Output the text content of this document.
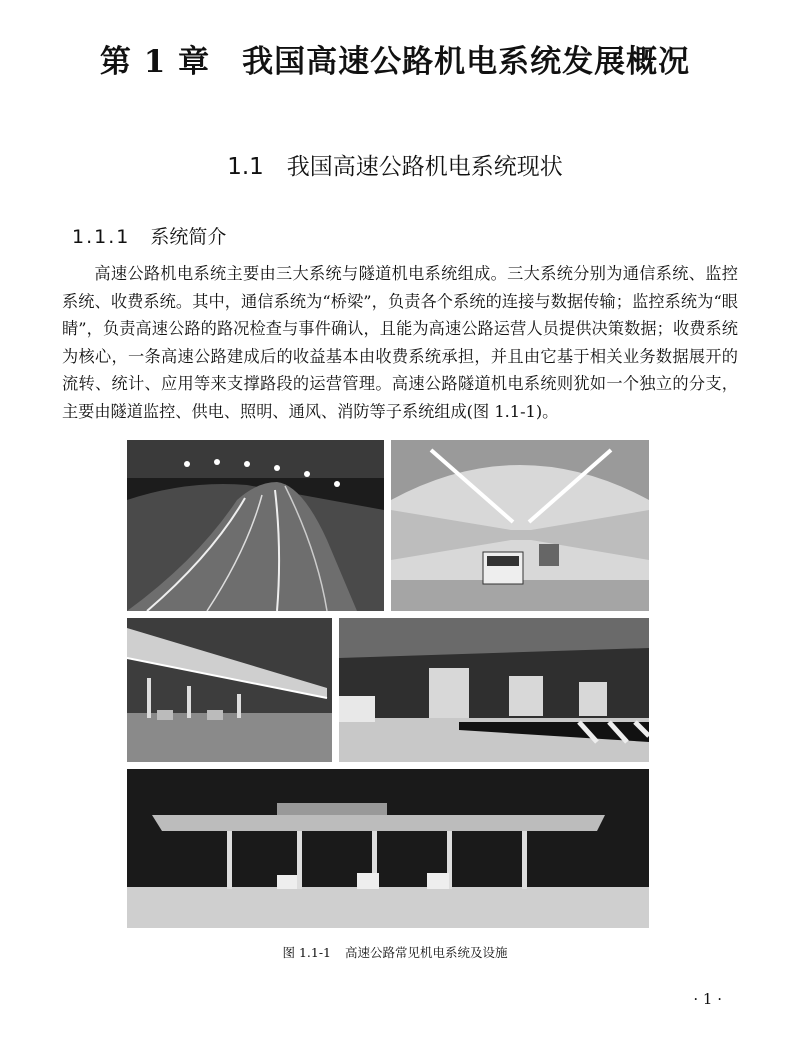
第 1 章　我国高速公路机电系统发展概况
1.1　我国高速公路机电系统现状
1.1.1 系统简介
高速公路机电系统主要由三大系统与隧道机电系统组成。三大系统分别为通信系统、监控系统、收费系统。其中，通信系统为“桥梁”，负责各个系统的连接与数据传输；监控系统为“眼睛”，负责高速公路的路况检查与事件确认，且能为高速公路运营人员提供决策数据；收费系统为核心，一条高速公路建成后的收益基本由收费系统承担，并且由它基于相关业务数据展开的流转、统计、应用等来支撑路段的运营管理。高速公路隧道机电系统则犹如一个独立的分支，主要由隧道监控、供电、照明、通风、消防等子系统组成(图 1.1-1)。
图 1.1-1 高速公路常见机电系统及设施
· 1 ·
